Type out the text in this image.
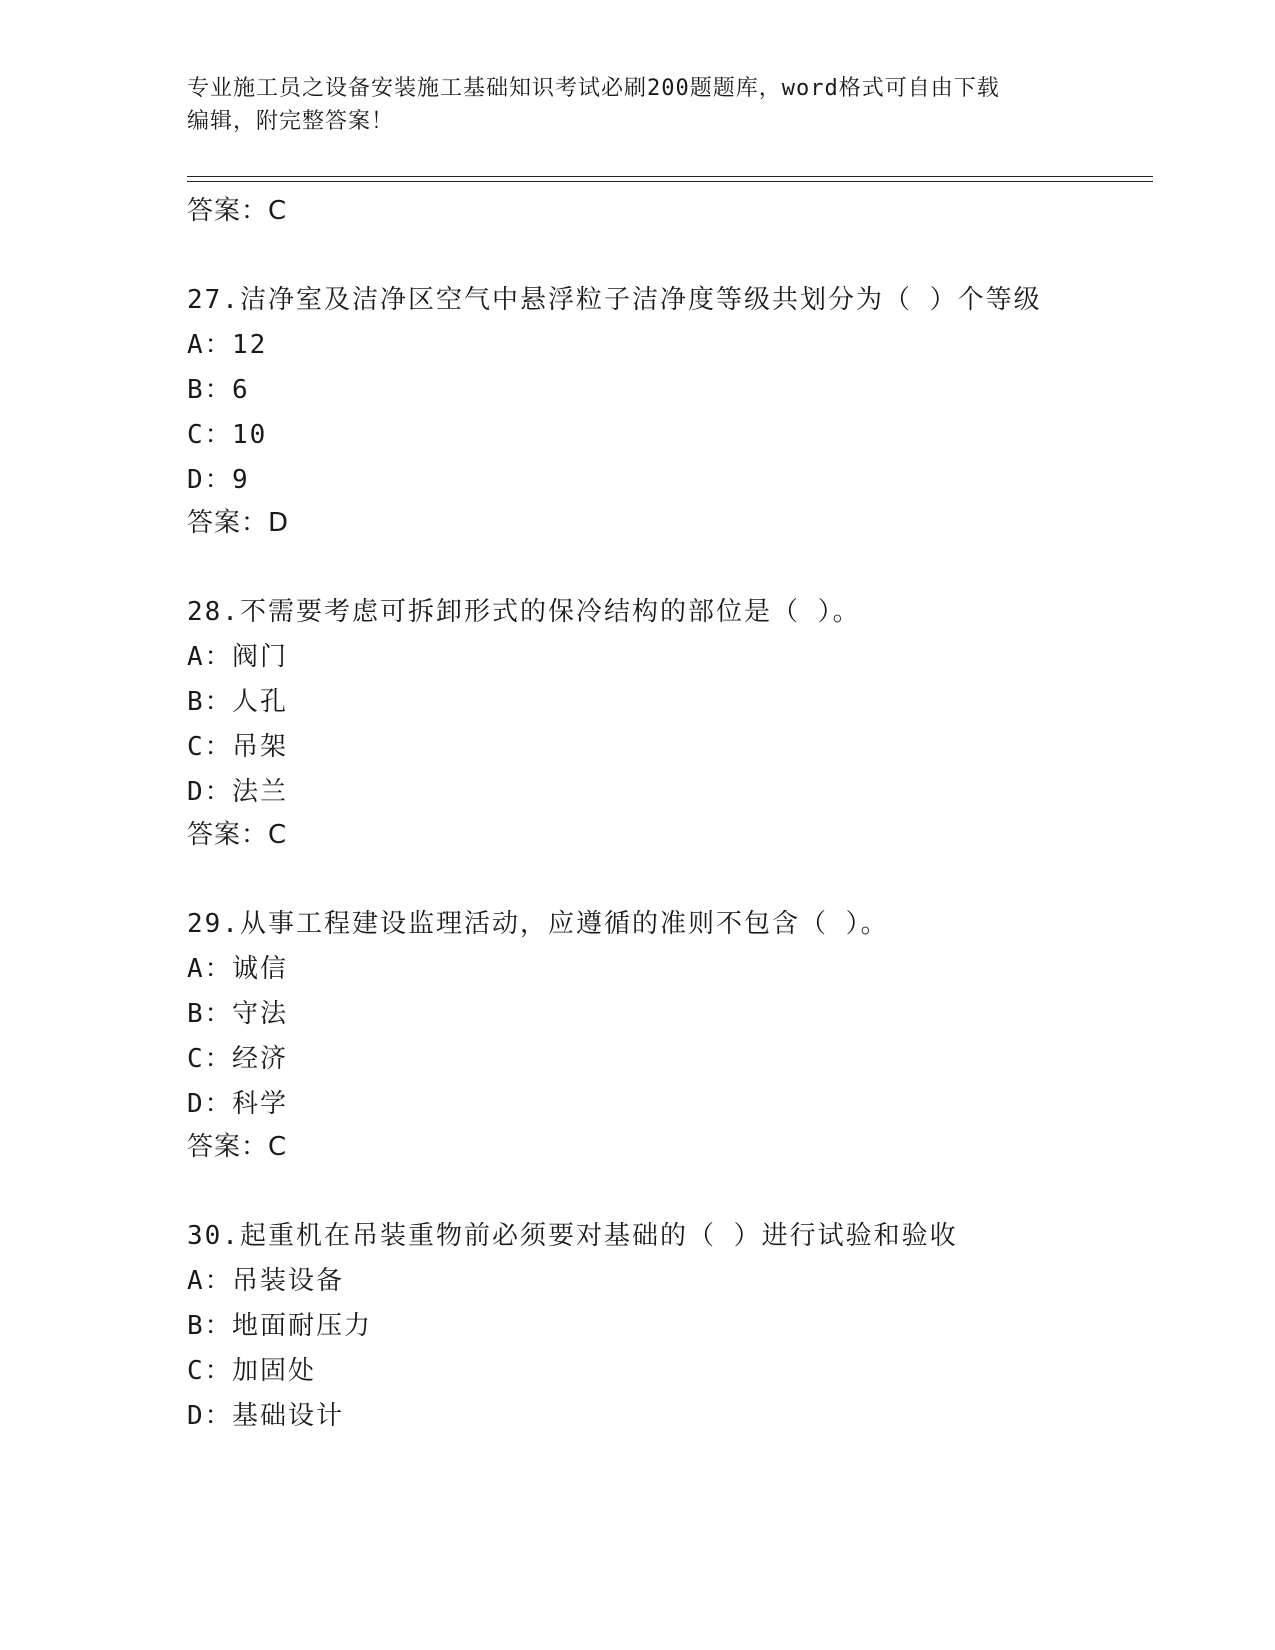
专业施工员之设备安装施工基础知识考试必刷200题题库，word格式可自由下载
编辑，附完整答案！
答案：C
27.洁净室及洁净区空气中悬浮粒子洁净度等级共划分为（ ）个等级
A：12
B：6
C：10
D：9
答案：D
28.不需要考虑可拆卸形式的保冷结构的部位是（ ）。
A：阀门
B：人孔
C：吊架
D：法兰
答案：C
29.从事工程建设监理活动，应遵循的准则不包含（ ）。
A：诚信
B：守法
C：经济
D：科学
答案：C
30.起重机在吊装重物前必须要对基础的（ ）进行试验和验收
A：吊装设备
B：地面耐压力
C：加固处
D：基础设计
